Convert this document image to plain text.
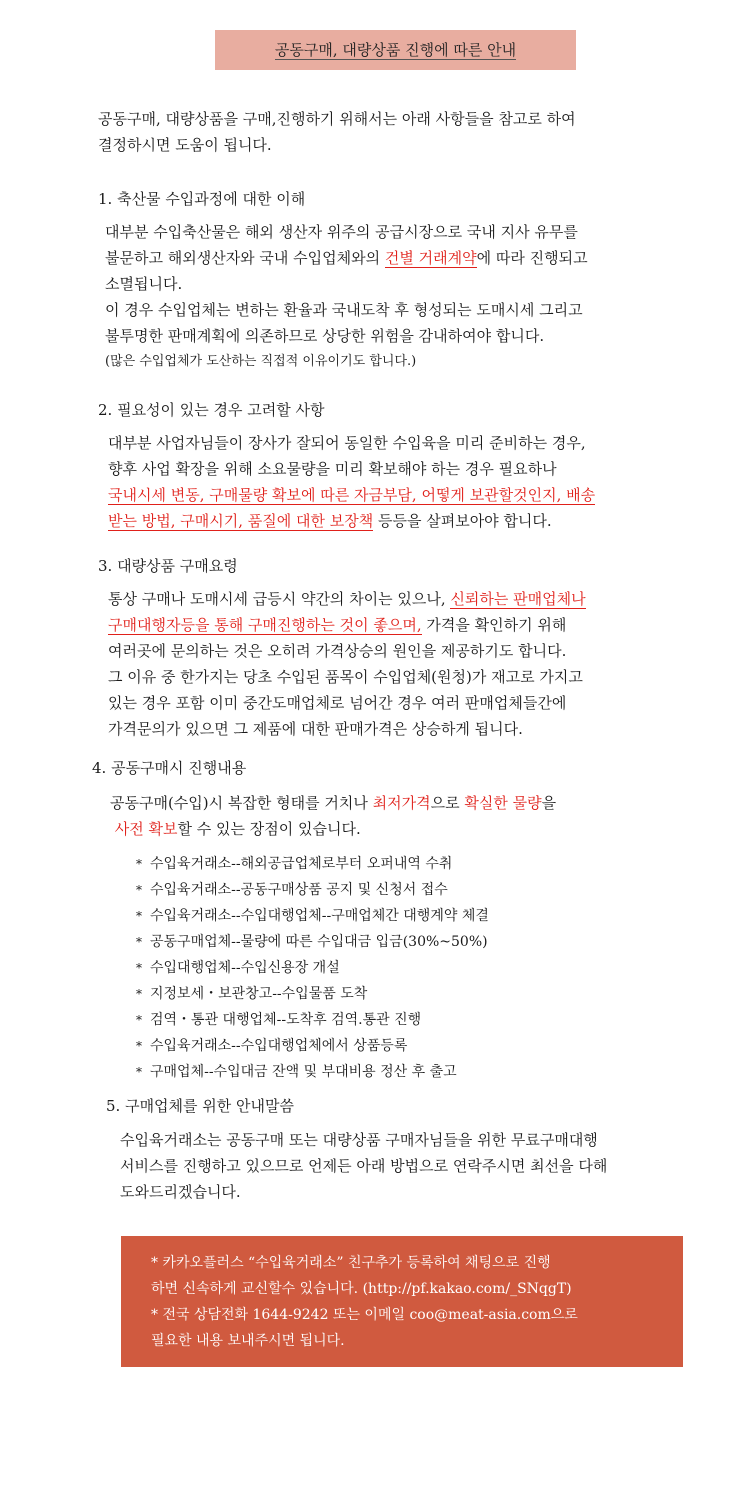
공동구매, 대량상품 진행에 따른 안내
공동구매, 대량상품을 구매,진행하기 위해서는 아래 사항들을 참고로 하여
결정하시면 도움이 됩니다.
1. 축산물 수입과정에 대한 이해
대부분 수입축산물은 해외 생산자 위주의 공급시장으로 국내 지사 유무를
불문하고 해외생산자와 국내 수입업체와의 건별 거래계약에 따라 진행되고
소멸됩니다.
이 경우 수입업체는 변하는 환율과 국내도착 후 형성되는 도매시세 그리고
불투명한 판매계획에 의존하므로 상당한 위험을 감내하여야 합니다.
(많은 수입업체가 도산하는 직접적 이유이기도 합니다.)
2. 필요성이 있는 경우 고려할 사항
대부분 사업자님들이 장사가 잘되어 동일한 수입육을 미리 준비하는 경우,
향후 사업 확장을 위해 소요물량을 미리 확보해야 하는 경우 필요하나
국내시세 변동, 구매물량 확보에 따른 자금부담, 어떻게 보관할것인지, 배송
받는 방법, 구매시기, 품질에 대한 보장책 등등을 살펴보아야 합니다.
3. 대량상품 구매요령
통상 구매나 도매시세 급등시 약간의 차이는 있으나, 신뢰하는 판매업체나
구매대행자등을 통해 구매진행하는 것이 좋으며, 가격을 확인하기 위해
여러곳에 문의하는 것은 오히려 가격상승의 원인을 제공하기도 합니다.
그 이유 중 한가지는 당초 수입된 품목이 수입업체(원청)가 재고로 가지고
있는 경우 포함 이미 중간도매업체로 넘어간 경우 여러 판매업체들간에
가격문의가 있으면 그 제품에 대한 판매가격은 상승하게 됩니다.
4. 공동구매시 진행내용
공동구매(수입)시 복잡한 형태를 거치나 최저가격으로 확실한 물량을
사전 확보할 수 있는 장점이 있습니다.
* 수입육거래소--해외공급업체로부터 오퍼내역 수취
* 수입육거래소--공동구매상품 공지 및 신청서 접수
* 수입육거래소--수입대행업체--구매업체간 대행계약 체결
* 공동구매업체--물량에 따른 수입대금 입금(30%~50%)
* 수입대행업체--수입신용장 개설
* 지정보세・보관창고--수입물품 도착
* 검역・통관 대행업체--도착후 검역.통관 진행
* 수입육거래소--수입대행업체에서 상품등록
* 구매업체--수입대금 잔액 및 부대비용 정산 후 출고
5. 구매업체를 위한 안내말씀
수입육거래소는 공동구매 또는 대량상품 구매자님들을 위한 무료구매대행
서비스를 진행하고 있으므로 언제든 아래 방법으로 연락주시면 최선을 다해
도와드리겠습니다.
* 카카오플러스 “수입육거래소” 친구추가 등록하여 채팅으로 진행
하면 신속하게 교신할수 있습니다. (http://pf.kakao.com/_SNqgT)
* 전국 상담전화 1644-9242 또는 이메일 coo@meat-asia.com으로
필요한 내용 보내주시면 됩니다.
